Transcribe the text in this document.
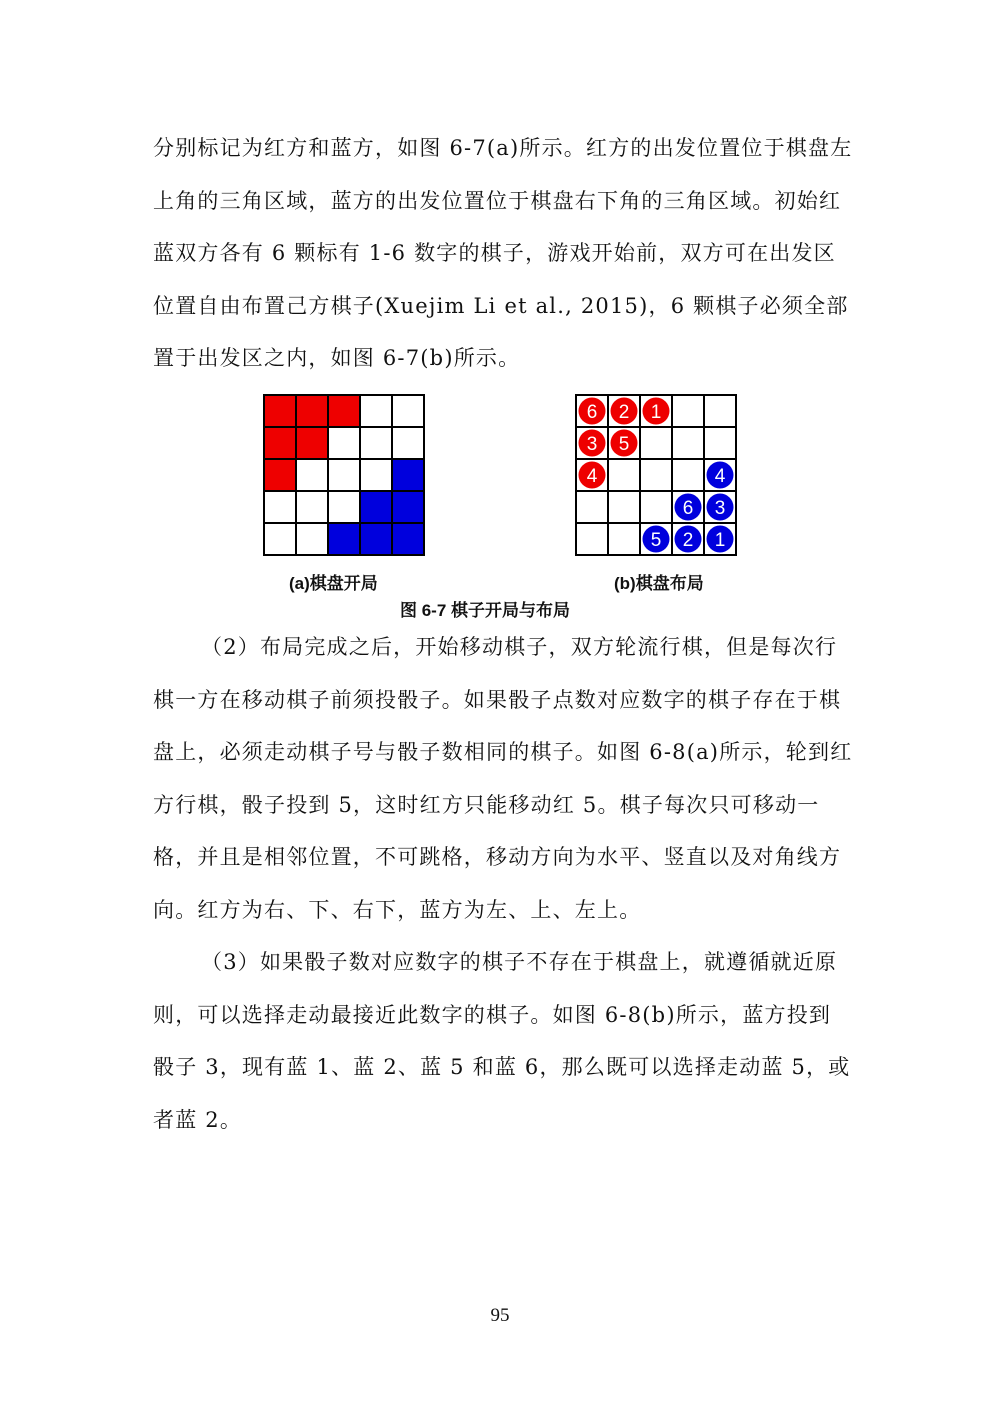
分别标记为红方和蓝方，如图 6-7(a)所示。红方的出发位置位于棋盘左上角的三角区域，蓝方的出发位置位于棋盘右下角的三角区域。初始红蓝双方各有 6 颗标有 1-6 数字的棋子，游戏开始前，双方可在出发区位置自由布置己方棋子(Xuejim Li et al., 2015)，6 颗棋子必须全部置于出发区之内，如图 6-7(b)所示。

6 2 1
3 5
4	4
6 3
5 2 1
(a)棋盘开局	(b)棋盘布局
图 6-7 棋子开局与布局

（2）布局完成之后，开始移动棋子，双方轮流行棋，但是每次行棋一方在移动棋子前须投骰子。如果骰子点数对应数字的棋子存在于棋盘上，必须走动棋子号与骰子数相同的棋子。如图 6-8(a)所示，轮到红方行棋，骰子投到 5，这时红方只能移动红 5。棋子每次只可移动一格，并且是相邻位置，不可跳格，移动方向为水平、竖直以及对角线方向。红方为右、下、右下，蓝方为左、上、左上。

（3）如果骰子数对应数字的棋子不存在于棋盘上，就遵循就近原则，可以选择走动最接近此数字的棋子。如图 6-8(b)所示，蓝方投到骰子 3，现有蓝 1、蓝 2、蓝 5 和蓝 6，那么既可以选择走动蓝 5，或者蓝 2。

95
